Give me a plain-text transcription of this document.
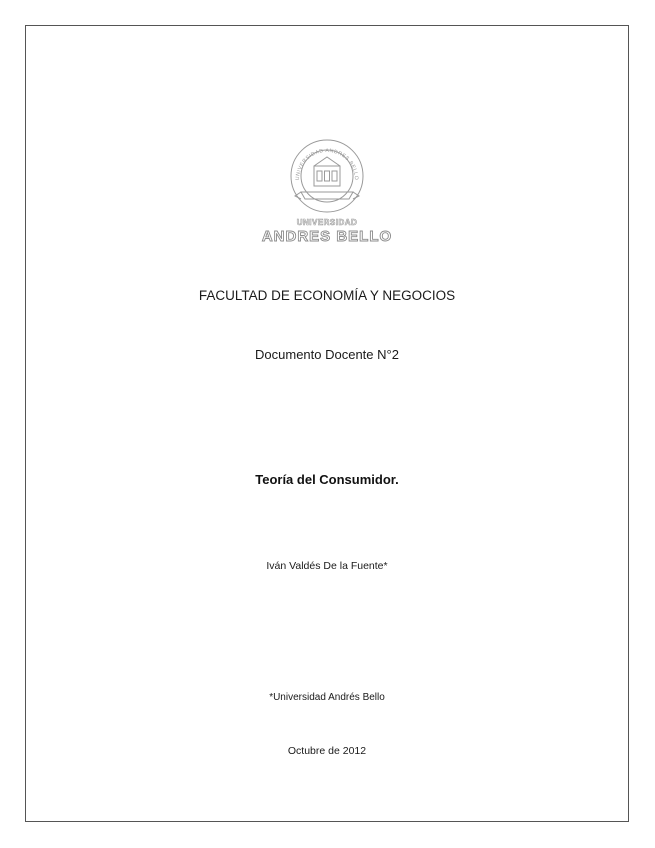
UNIVERSIDAD ANDRES BELLO
UNIVERSIDAD
ANDRES BELLO
FACULTAD DE ECONOMÍA Y NEGOCIOS
Documento Docente N°2
Teoría del Consumidor.
Iván Valdés De la Fuente*
*Universidad Andrés Bello
Octubre de 2012
